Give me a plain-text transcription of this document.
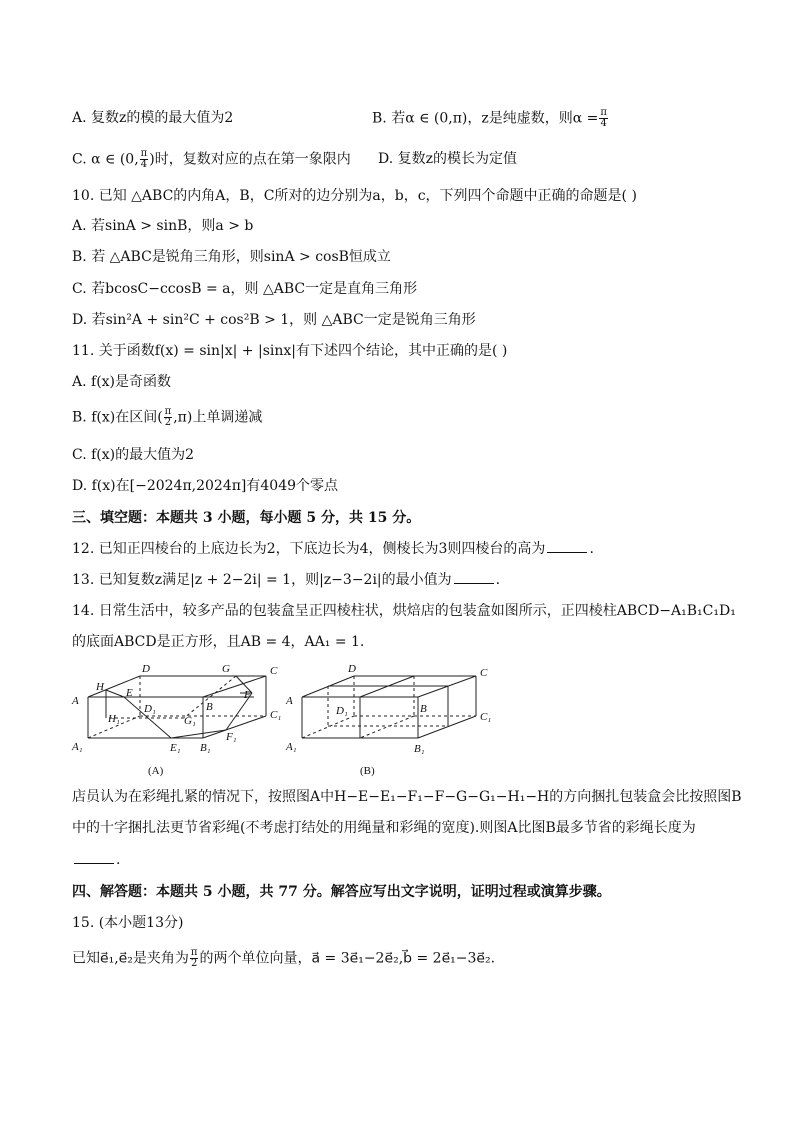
A. 复数z的模的最大值为2	B. 若α ∈ (0,π)，z是纯虚数，则$\alpha = \frac{\pi}{4}$
C. α ∈ (0, $\frac{\pi}{4}$ )时，复数对应的点在第一象限内 D. 复数z的模长为定值
10. 已知 △ABC的内角A，B，C所对的边分别为a，b，c，下列四个命题中正确的命题是( )
A. 若sinA > sinB，则a > b
B. 若 △ABC是锐角三角形，则sinA > cosB恒成立
C. 若bcosC−ccosB = a，则 △ABC一定是直角三角形
D. 若sin²A + sin²C + cos²B > 1，则 △ABC一定是锐角三角形
11. 关于函数f(x) = sin|x| + |sinx|有下述四个结论，其中正确的是( )
A. f(x)是奇函数
B. f(x)在区间( $\frac{\pi}{2} ,\pi$)上单调递减
C. f(x)的最大值为2
D. f(x)在[−2024π,2024π]有4049个零点
三、填空题：本题共 3 小题，每小题 5 分，共 15 分。
12. 已知正四棱台的上底边长为2，下底边长为4，侧棱长为3则四棱台的高为	.
13. 已知复数z满足|z + 2−2i| = 1，则|z−3−2i|的最小值为	.
14. 日常生活中，较多产品的包装盒呈正四棱柱状，烘焙店的包装盒如图所示，正四棱柱ABCD−A₁B₁C₁D₁
的底面ABCD是正方形，且AB = 4，AA₁ = 1.
D	G	C
H E
A
D₁	B
F
H₁	G₁	C₁
F₁
A₁	E₁ B₁
(A)
D	C
A
D₁	B
C₁
A₁	B₁
(B)
店员认为在彩绳扎紧的情况下，按照图A中H−E−E₁−F₁−F−G−G₁−H₁−H的方向捆扎包装盒会比按照图B
中的十字捆扎法更节省彩绳(不考虑打结处的用绳量和彩绳的宽度).则图A比图B最多节省的彩绳长度为
.
四、解答题：本题共 5 小题，共 77 分。解答应写出文字说明，证明过程或演算步骤。
15. (本小题13分)
已知e⃗₁,e⃗₂是夹角为 $\frac{\pi}{2}$ 的两个单位向量，a⃗ = 3e⃗₁−2e⃗₂,b⃗ = 2e⃗₁−3e⃗₂.
